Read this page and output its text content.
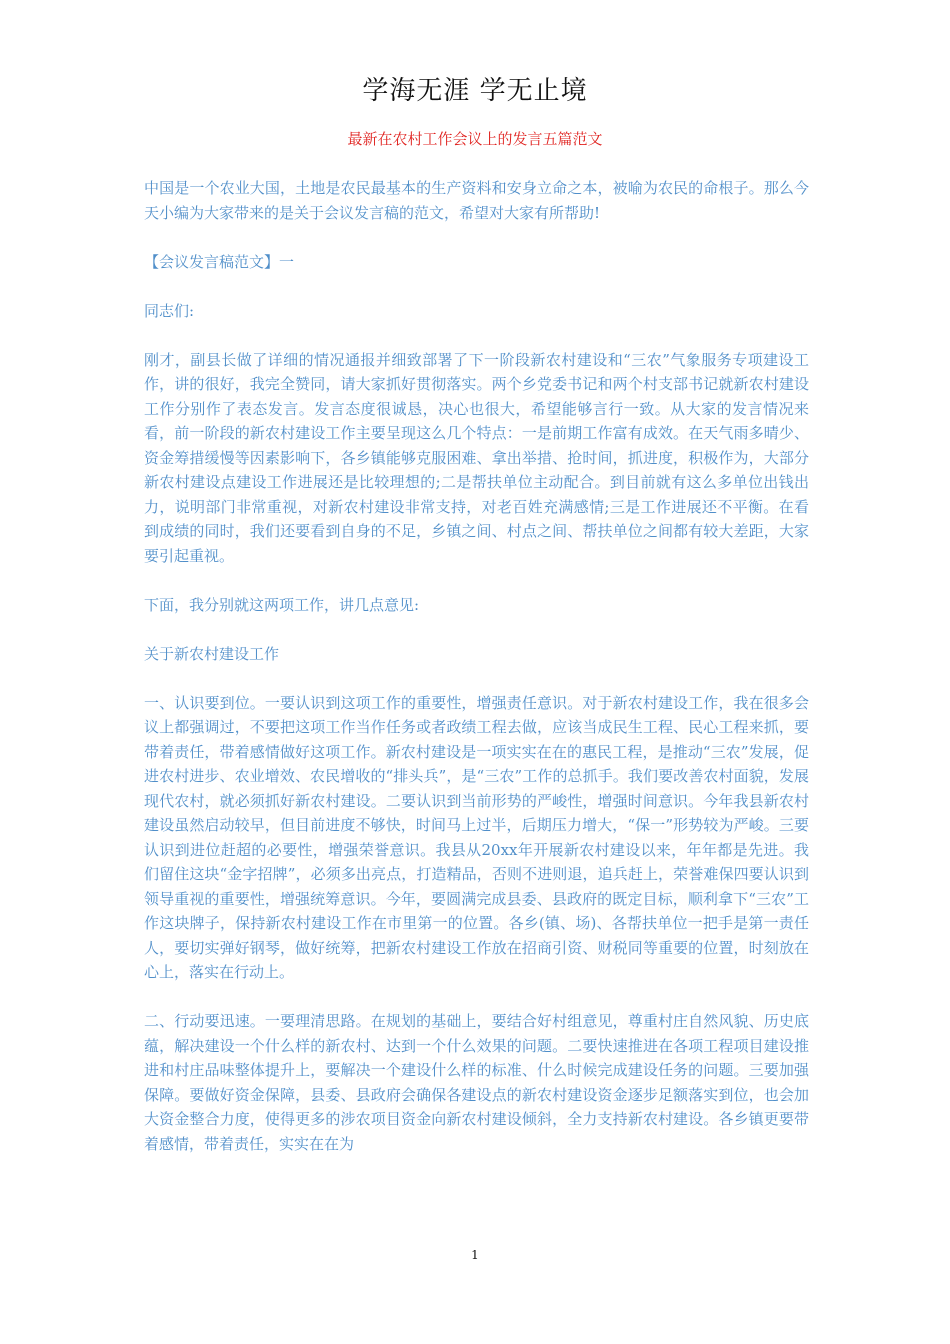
学海无涯 学无止境
最新在农村工作会议上的发言五篇范文

中国是一个农业大国，土地是农民最基本的生产资料和安身立命之本，被喻为农民的命根子。那么今天小编为大家带来的是关于会议发言稿的范文，希望对大家有所帮助!

【会议发言稿范文】一

同志们:

刚才，副县长做了详细的情况通报并细致部署了下一阶段新农村建设和“三农”气象服务专项建设工作，讲的很好，我完全赞同，请大家抓好贯彻落实。两个乡党委书记和两个村支部书记就新农村建设工作分别作了表态发言。发言态度很诚恳，决心也很大，希望能够言行一致。从大家的发言情况来看，前一阶段的新农村建设工作主要呈现这么几个特点：一是前期工作富有成效。在天气雨多晴少、资金筹措缓慢等因素影响下，各乡镇能够克服困难、拿出举措、抢时间，抓进度，积极作为，大部分新农村建设点建设工作进展还是比较理想的;二是帮扶单位主动配合。到目前就有这么多单位出钱出力，说明部门非常重视，对新农村建设非常支持，对老百姓充满感情;三是工作进展还不平衡。在看到成绩的同时，我们还要看到自身的不足，乡镇之间、村点之间、帮扶单位之间都有较大差距，大家要引起重视。

下面，我分别就这两项工作，讲几点意见:

关于新农村建设工作

一、认识要到位。一要认识到这项工作的重要性，增强责任意识。对于新农村建设工作，我在很多会议上都强调过，不要把这项工作当作任务或者政绩工程去做，应该当成民生工程、民心工程来抓，要带着责任，带着感情做好这项工作。新农村建设是一项实实在在的惠民工程，是推动“三农”发展，促进农村进步、农业增效、农民增收的“排头兵”，是“三农”工作的总抓手。我们要改善农村面貌，发展现代农村，就必须抓好新农村建设。二要认识到当前形势的严峻性，增强时间意识。今年我县新农村建设虽然启动较早，但目前进度不够快，时间马上过半，后期压力增大，“保一”形势较为严峻。三要认识到进位赶超的必要性，增强荣誉意识。我县从20xx年开展新农村建设以来，年年都是先进。我们留住这块“金字招牌”，必须多出亮点，打造精品，否则不进则退，追兵赶上，荣誉难保四要认识到领导重视的重要性，增强统筹意识。今年，要圆满完成县委、县政府的既定目标，顺利拿下“三农”工作这块牌子，保持新农村建设工作在市里第一的位置。各乡(镇、场)、各帮扶单位一把手是第一责任人，要切实弹好钢琴，做好统筹，把新农村建设工作放在招商引资、财税同等重要的位置，时刻放在心上，落实在行动上。

二、行动要迅速。一要理清思路。在规划的基础上，要结合好村组意见，尊重村庄自然风貌、历史底蕴，解决建设一个什么样的新农村、达到一个什么效果的问题。二要快速推进在各项工程项目建设推进和村庄品味整体提升上，要解决一个建设什么样的标准、什么时候完成建设任务的问题。三要加强保障。要做好资金保障，县委、县政府会确保各建设点的新农村建设资金逐步足额落实到位，也会加大资金整合力度，使得更多的涉农项目资金向新农村建设倾斜，全力支持新农村建设。各乡镇更要带着感情，带着责任，实实在在为

1
